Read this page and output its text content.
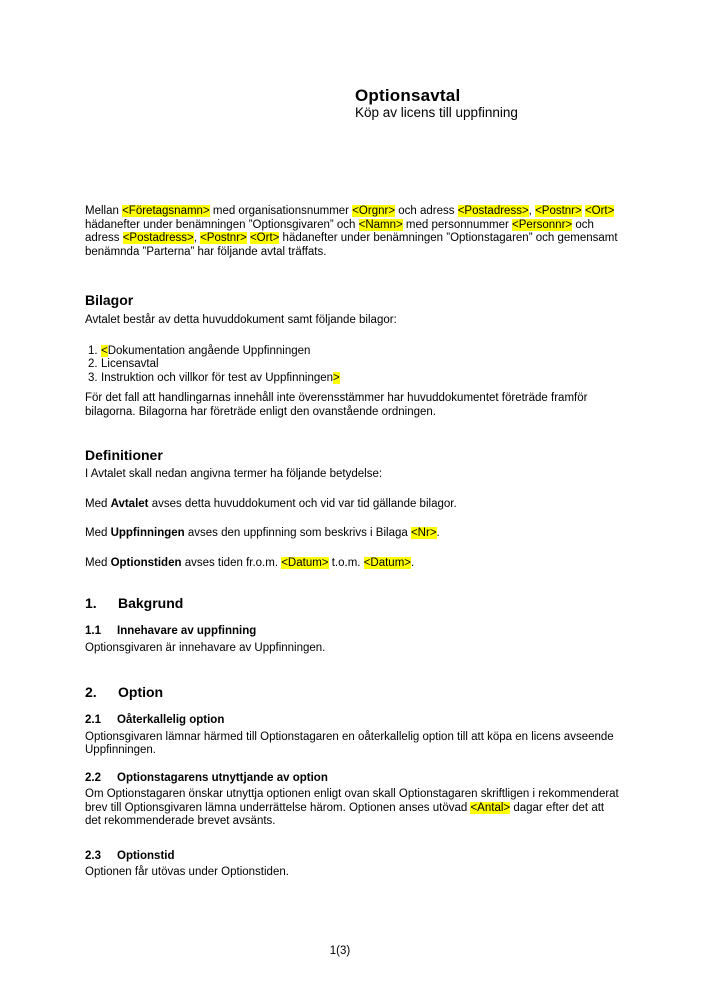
Optionsavtal
Köp av licens till uppfinning

Mellan <Företagsnamn> med organisationsnummer <Orgnr> och adress <Postadress>, <Postnr> <Ort> hädanefter under benämningen ”Optionsgivaren” och <Namn> med personnummer <Personnr> och adress <Postadress>, <Postnr> <Ort> hädanefter under benämningen ”Optionstagaren” och gemensamt benämnda ”Parterna” har följande avtal träffats.

Bilagor

Avtalet består av detta huvuddokument samt följande bilagor:

1. <Dokumentation angående Uppfinningen
2. Licensavtal
3. Instruktion och villkor för test av Uppfinningen>

För det fall att handlingarnas innehåll inte överensstämmer har huvuddokumentet företräde framför bilagorna. Bilagorna har företräde enligt den ovanstående ordningen.

Definitioner

I Avtalet skall nedan angivna termer ha följande betydelse:

Med Avtalet avses detta huvuddokument och vid var tid gällande bilagor.

Med Uppfinningen avses den uppfinning som beskrivs i Bilaga <Nr>.

Med Optionstiden avses tiden fr.o.m. <Datum> t.o.m. <Datum>.

1.	Bakgrund
1.1	Innehavare av uppfinning

Optionsgivaren är innehavare av Uppfinningen.

2.	Option
2.1	Oåterkallelig option

Optionsgivaren lämnar härmed till Optionstagaren en oåterkallelig option till att köpa en licens avseende Uppfinningen.

2.2	Optionstagarens utnyttjande av option

Om Optionstagaren önskar utnyttja optionen enligt ovan skall Optionstagaren skriftligen i rekommenderat brev till Optionsgivaren lämna underrättelse härom. Optionen anses utövad <Antal> dagar efter det att det rekommenderade brevet avsänts.

2.3	Optionstid

Optionen får utövas under Optionstiden.

1(3)
